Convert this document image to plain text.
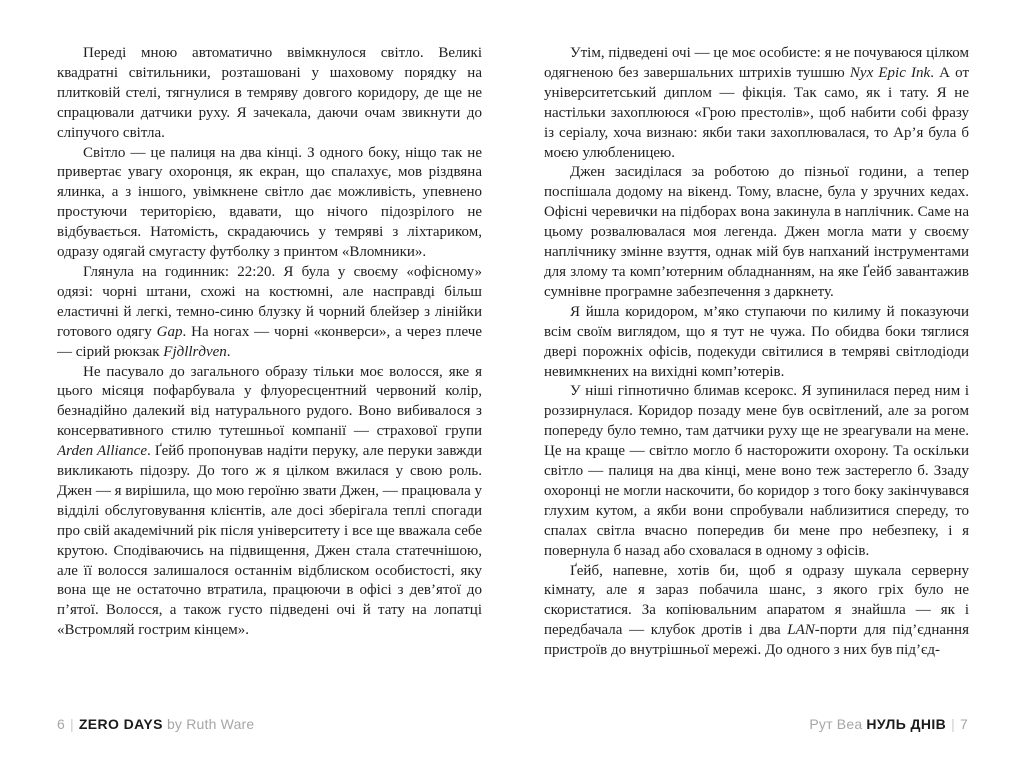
Переді мною автоматично ввімкнулося світло. Великі квадратні світильники, розташовані у шаховому порядку на плитковій стелі, тягнулися в темряву довгого коридору, де ще не спрацювали датчики руху. Я зачекала, даючи очам звикнути до сліпучого світла.

Світло — це палиця на два кінці. З одного боку, ніщо так не привертає увагу охоронця, як екран, що спалахує, мов різдвяна ялинка, а з іншого, увімкнене світло дає можливість, упевнено простуючи територією, вдавати, що нічого підозрілого не відбувається. Натомість, скрадаючись у темряві з ліхтариком, одразу одягай смугасту футболку з принтом «Вломники».

Глянула на годинник: 22:20. Я була у своєму «офісному» одязі: чорні штани, схожі на костюмні, але насправді більш еластичні й легкі, темно-синю блузку й чорний блейзер з лінійки готового одягу Gap. На ногах — чорні «конверси», а через плече — сірий рюкзак Fjдllrдven.

Не пасувало до загального образу тільки моє волосся, яке я цього місяця пофарбувала у флуоресцентний червоний колір, безнадійно далекий від натурального рудого. Воно вибивалося з консервативного стилю тутешньої компанії — страхової групи Arden Alliance. Ґейб пропонував надіти перуку, але перуки завжди викликають підозру. До того ж я цілком вжилася у свою роль. Джен — я вирішила, що мою героїню звати Джен, — працювала у відділі обслуговування клієнтів, але досі зберігала теплі спогади про свій академічний рік після університету і все ще вважала себе крутою. Сподіваючись на підвищення, Джен стала статечнішою, але її волосся залишалося останнім відблиском особистості, яку вона ще не остаточно втратила, працюючи в офісі з дев’ятої до п’ятої. Волосся, а також густо підведені очі й тату на лопатці «Встромляй гострим кінцем».

Утім, підведені очі — це моє особисте: я не почуваюся цілком одягненою без завершальних штрихів тушшю Nyx Epic Ink. А от університетський диплом — фікція. Так само, як і тату. Я не настільки захоплююся «Грою престолів», щоб набити собі фразу із серіалу, хоча визнаю: якби таки захоплювалася, то Ар’я була б моєю улюбленицею.

Джен засиділася за роботою до пізньої години, а тепер поспішала додому на вікенд. Тому, власне, була у зручних кедах. Офісні черевички на підборах вона закинула в наплічник. Саме на цьому розвалювалася моя легенда. Джен могла мати у своєму наплічнику змінне взуття, однак мій був напханий інструментами для злому та комп’ютерним обладнанням, на яке Ґейб завантажив сумнівне програмне забезпечення з даркнету.

Я йшла коридором, м’яко ступаючи по килиму й показуючи всім своїм виглядом, що я тут не чужа. По обидва боки тяглися двері порожніх офісів, подекуди світилися в темряві світлодіоди невимкнених на вихідні комп’ютерів.

У ніші гіпнотично блимав ксерокс. Я зупинилася перед ним і роззирнулася. Коридор позаду мене був освітлений, але за рогом попереду було темно, там датчики руху ще не зреагували на мене. Це на краще — світло могло б насторожити охорону. Та оскільки світло — палиця на два кінці, мене воно теж застерегло б. Ззаду охоронці не могли наскочити, бо коридор з того боку закінчувався глухим кутом, а якби вони спробували наблизитися спереду, то спалах світла вчасно попередив би мене про небезпеку, і я повернула б назад або сховалася в одному з офісів.

Ґейб, напевне, хотів би, щоб я одразу шукала серверну кімнату, але я зараз побачила шанс, з якого гріх було не скористатися. За копіювальним апаратом я знайшла — як і передбачала — клубок дротів і два LAN-порти для під’єднання пристроїв до внутрішньої мережі. До одного з них був під’єд-

6 | ZERO DAYS by Ruth Ware	Рут Веа НУЛЬ ДНІВ | 7
